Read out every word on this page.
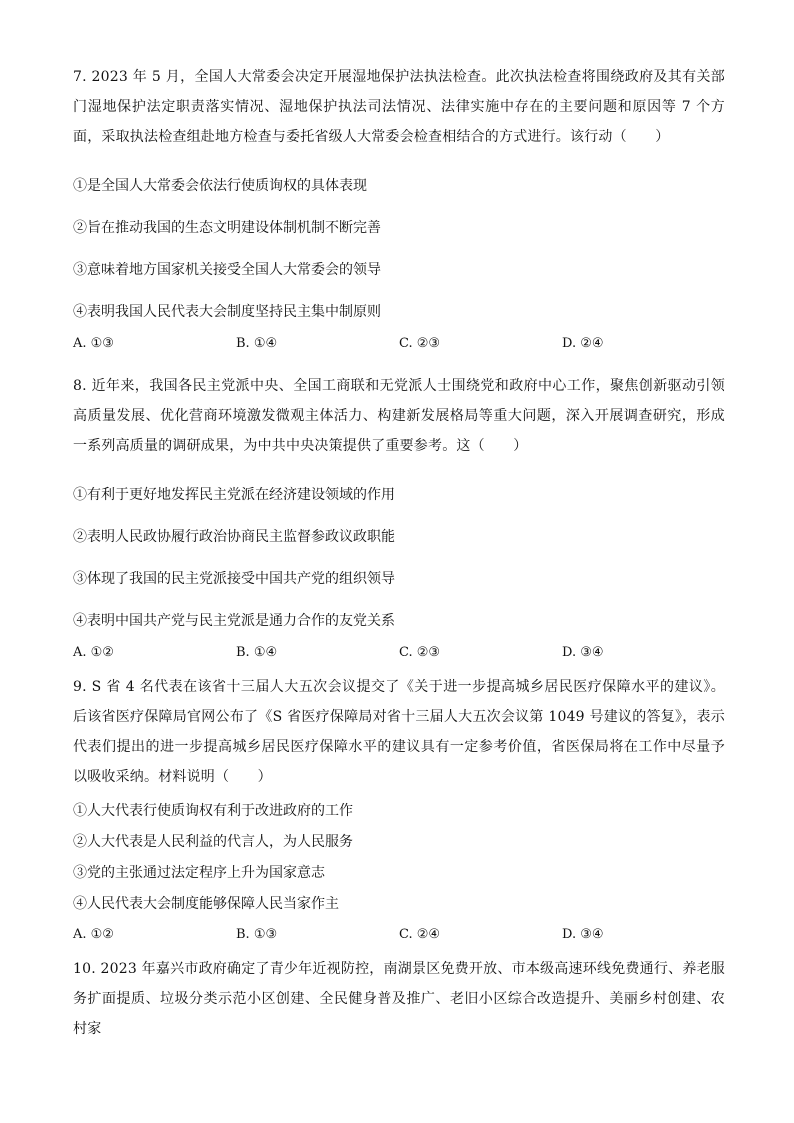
7. 2023 年 5 月，全国人大常委会决定开展湿地保护法执法检查。此次执法检查将围绕政府及其有关部门湿地保护法定职责落实情况、湿地保护执法司法情况、法律实施中存在的主要问题和原因等 7 个方面，采取执法检查组赴地方检查与委托省级人大常委会检查相结合的方式进行。该行动（　　）

①是全国人大常委会依法行使质询权的具体表现

②旨在推动我国的生态文明建设体制机制不断完善

③意味着地方国家机关接受全国人大常委会的领导

④表明我国人民代表大会制度坚持民主集中制原则

A. ①③	B. ①④	C. ②③	D. ②④

8. 近年来，我国各民主党派中央、全国工商联和无党派人士围绕党和政府中心工作，聚焦创新驱动引领高质量发展、优化营商环境激发微观主体活力、构建新发展格局等重大问题，深入开展调查研究，形成一系列高质量的调研成果，为中共中央决策提供了重要参考。这（　　）

①有利于更好地发挥民主党派在经济建设领域的作用

②表明人民政协履行政治协商民主监督参政议政职能

③体现了我国的民主党派接受中国共产党的组织领导

④表明中国共产党与民主党派是通力合作的友党关系

A. ①②	B. ①④	C. ②③	D. ③④

9. S 省 4 名代表在该省十三届人大五次会议提交了《关于进一步提高城乡居民医疗保障水平的建议》。后该省医疗保障局官网公布了《S 省医疗保障局对省十三届人大五次会议第 1049 号建议的答复》，表示代表们提出的进一步提高城乡居民医疗保障水平的建议具有一定参考价值，省医保局将在工作中尽量予以吸收采纳。材料说明（　　）

①人大代表行使质询权有利于改进政府的工作

②人大代表是人民利益的代言人，为人民服务

③党的主张通过法定程序上升为国家意志

④人民代表大会制度能够保障人民当家作主

A. ①②	B. ①③	C. ②④	D. ③④

10. 2023 年嘉兴市政府确定了青少年近视防控，南湖景区免费开放、市本级高速环线免费通行、养老服务扩面提质、垃圾分类示范小区创建、全民健身普及推广、老旧小区综合改造提升、美丽乡村创建、农村家
